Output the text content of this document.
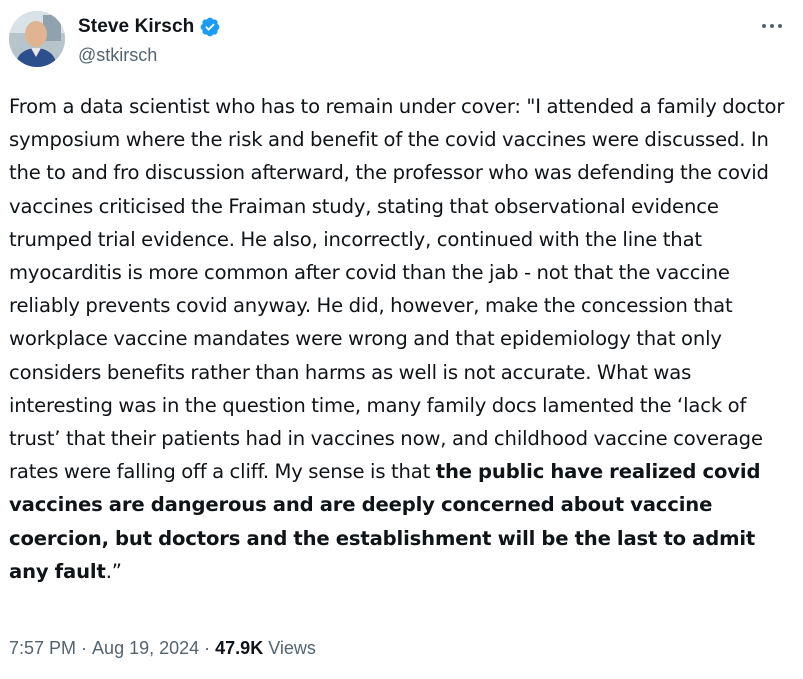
Steve Kirsch
@stkirsch
From a data scientist who has to remain under cover: "I attended a family doctor symposium where the risk and benefit of the covid vaccines were discussed. In the to and fro discussion afterward, the professor who was defending the covid vaccines criticised the Fraiman study, stating that observational evidence trumped trial evidence. He also, incorrectly, continued with the line that myocarditis is more common after covid than the jab - not that the vaccine reliably prevents covid anyway. He did, however, make the concession that workplace vaccine mandates were wrong and that epidemiology that only considers benefits rather than harms as well is not accurate. What was interesting was in the question time, many family docs lamented the ‘lack of trust’ that their patients had in vaccines now, and childhood vaccine coverage rates were falling off a cliff. My sense is that the public have realized covid vaccines are dangerous and are deeply concerned about vaccine coercion, but doctors and the establishment will be the last to admit any fault.”
7:57 PM · Aug 19, 2024 · 47.9K Views
